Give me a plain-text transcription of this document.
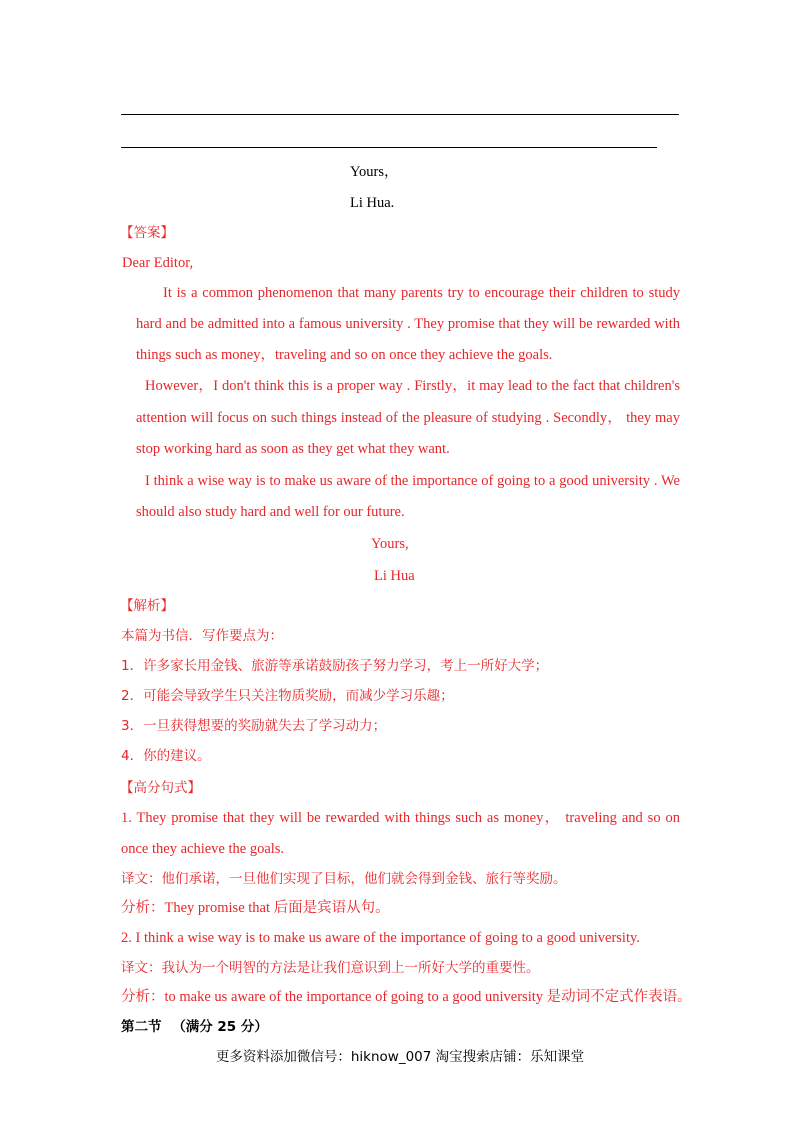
Yours，
Li Hua.
【答案】
Dear Editor,
It is a common phenomenon that many parents try to encourage their children to study
hard and be admitted into a famous university . They promise that they will be rewarded with
things such as money，traveling and so on once they achieve the goals.
However，I don't think this is a proper way . Firstly，it may lead to the fact that children's
attention will focus on such things instead of the pleasure of studying . Secondly， they may
stop working hard as soon as they get what they want.
I think a wise way is to make us aware of the importance of going to a good university . We
should also study hard and well for our future.
Yours,
Li Hua
【解析】
本篇为书信．写作要点为：
1．许多家长用金钱、旅游等承诺鼓励孩子努力学习，考上一所好大学；
2．可能会导致学生只关注物质奖励，而减少学习乐趣；
3．一旦获得想要的奖励就失去了学习动力；
4．你的建议。
【高分句式】
1. They promise that they will be rewarded with things such as money， traveling and so on
once they achieve the goals.
译文：他们承诺，一旦他们实现了目标，他们就会得到金钱、旅行等奖励。
分析：They promise that 后面是宾语从句。
2. I think a wise way is to make us aware of the importance of going to a good university.
译文：我认为一个明智的方法是让我们意识到上一所好大学的重要性。
分析：to make us aware of the importance of going to a good university 是动词不定式作表语。
第二节 （满分 25 分）
更多资料添加微信号：hiknow_007 淘宝搜索店铺：乐知课堂
